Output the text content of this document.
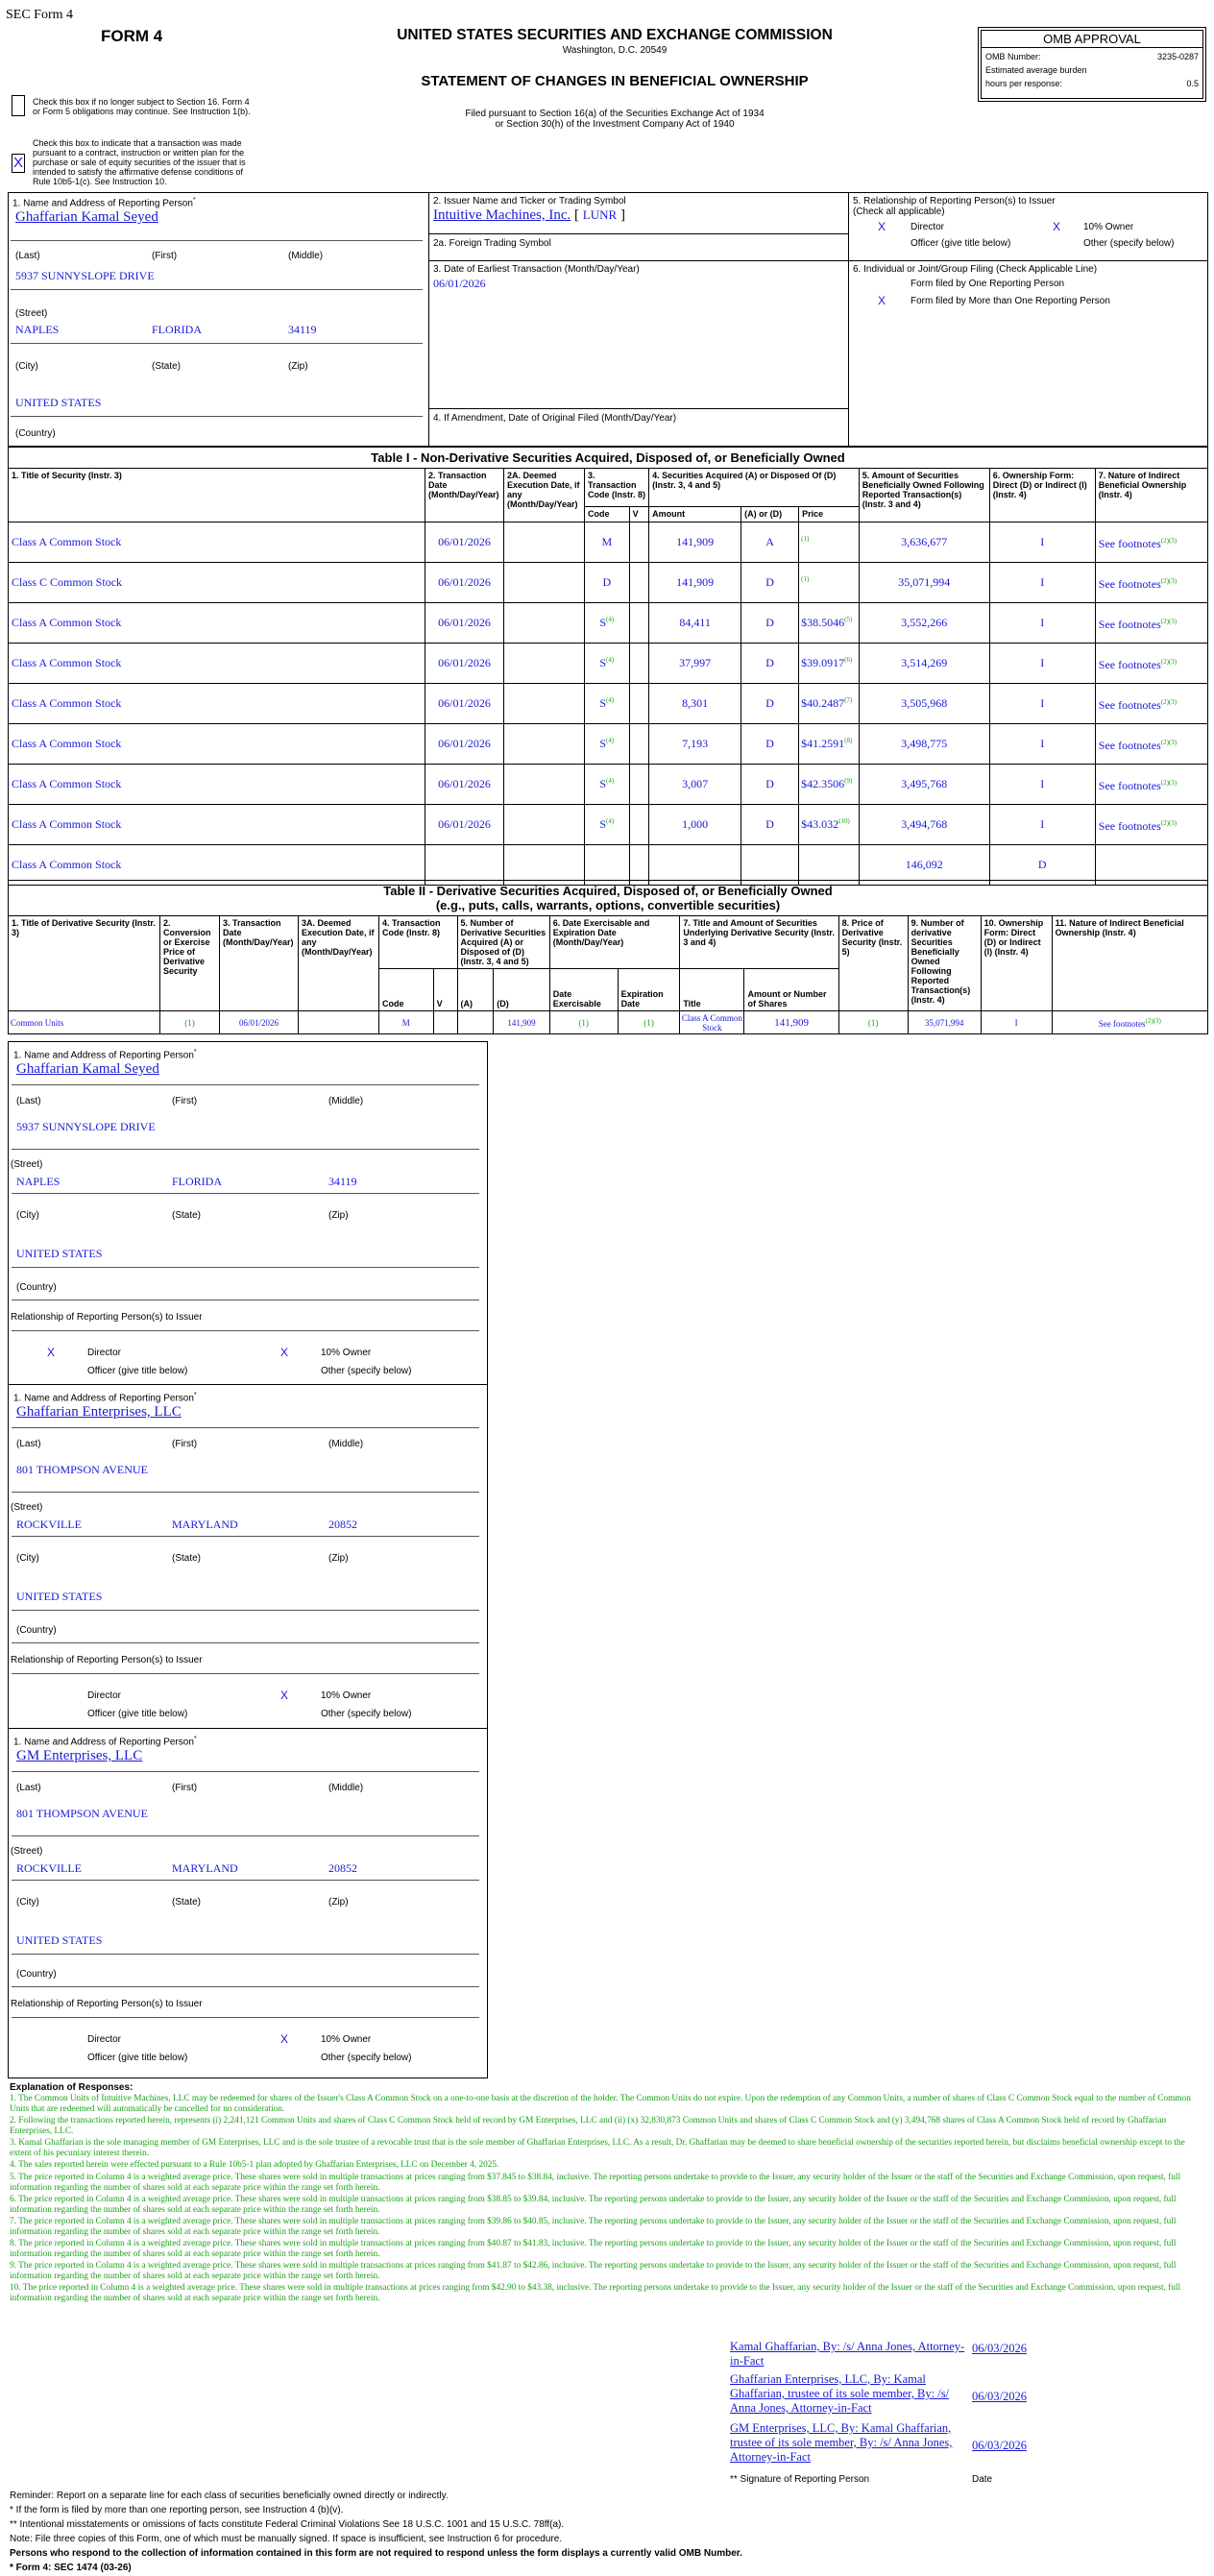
SEC Form 4
FORM 4	UNITED STATES SECURITIES AND EXCHANGE COMMISSION
Washington, D.C. 20549
STATEMENT OF CHANGES IN BENEFICIAL OWNERSHIP
Filed pursuant to Section 16(a) of the Securities Exchange Act of 1934
or Section 30(h) of the Investment Company Act of 1940
OMB APPROVAL
OMB Number:	3235-0287
Estimated average burden
hours per response:	0.5
Check this box if no longer subject to Section 16. Form 4 or Form 5 obligations may continue. See Instruction 1(b).
X
Check this box to indicate that a transaction was made pursuant to a contract, instruction or written plan for the purchase or sale of equity securities of the issuer that is intended to satisfy the affirmative defense conditions of Rule 10b5-1(c). See Instruction 10.
1. Name and Address of Reporting Person*
Ghaffarian Kamal Seyed
(Last)	(First)	(Middle)
5937 SUNNYSLOPE DRIVE
(Street)
NAPLES	FLORIDA	34119
(City)	(State)	(Zip)
UNITED STATES
(Country)
2. Issuer Name and Ticker or Trading Symbol
Intuitive Machines, Inc. [ LUNR ]
2a. Foreign Trading Symbol
3. Date of Earliest Transaction (Month/Day/Year)
06/01/2026
4. If Amendment, Date of Original Filed (Month/Day/Year)
5. Relationship of Reporting Person(s) to Issuer
(Check all applicable)
X	Director	X 10% Owner
Officer (give title below)	Other (specify below)
6. Individual or Joint/Group Filing (Check Applicable Line)
Form filed by One Reporting Person
X	Form filed by More than One Reporting Person
Table I - Non-Derivative Securities Acquired, Disposed of, or Beneficially Owned										
1. Title of Security (Instr. 3)	2. Transaction Date (Month/Day/Year)	2A. Deemed Execution Date, if any (Month/Day/Year)	3. Transaction Code (Instr. 8)		4. Securities Acquired (A) or Disposed Of (D) (Instr. 3, 4 and 5)			5. Amount of Securities Beneficially Owned Following Reported Transaction(s) (Instr. 3 and 4)	6. Ownership Form: Direct (D) or Indirect (I) (Instr. 4)	7. Nature of Indirect Beneficial Ownership (Instr. 4)
			Code	V	Amount	(A) or (D)	Price			
Class A Common Stock	06/01/2026		M		141,909	A	$^{(1)}$	3,636,677	I	See footnotes$^{(2)(3)}$
Class C Common Stock	06/01/2026		D		141,909	D	$^{(1)}$	35,071,994	I	See footnotes$^{(2)(3)}$
Class A Common Stock	06/01/2026		$S^{(4)}$		84,411	D	$38.5046$^{(5)}$	3,552,266	I	See footnotes$^{(2)(3)}$
Class A Common Stock	06/01/2026		$S^{(4)}$		37,997	D	$39.0917$^{(6)}$	3,514,269	I	See footnotes$^{(2)(3)}$
Class A Common Stock	06/01/2026		$S^{(4)}$		8,301	D	$40.2487$^{(7)}$	3,505,968	I	See footnotes$^{(2)(3)}$
Class A Common Stock	06/01/2026		$S^{(4)}$		7,193	D	$41.2591$^{(8)}$	3,498,775	I	See footnotes$^{(2)(3)}$
Class A Common Stock	06/01/2026		$S^{(4)}$		3,007	D	$42.3506$^{(9)}$	3,495,768	I	See footnotes$^{(2)(3)}$
Class A Common Stock	06/01/2026		$S^{(4)}$		1,000	D	$43.032$^{(10)}$	3,494,768	I	See footnotes$^{(2)(3)}$
Class A Common Stock								146,092	D	
Table II - Derivative Securities Acquired, Disposed of, or Beneficially Owned
(e.g., puts, calls, warrants, options, convertible securities)															

1. Title of Derivative Security (Instr. 3)	2. Conversion or Exercise Price of Derivative Security	3. Transaction Date (Month/Day/Year)	3A. Deemed Execution Date, if any (Month/Day/Year)	4. Transaction Code (Instr. 8)		5. Number of Derivative Securities Acquired (A) or Disposed of (D) (Instr. 3, 4 and 5)		6. Date Exercisable and Expiration Date (Month/Day/Year)		7. Title and Amount of Securities Underlying Derivative Security (Instr. 3 and 4)		8. Price of Derivative Security (Instr. 5)	9. Number of derivative Securities Beneficially Owned Following Reported Transaction(s) (Instr. 4)	10. Ownership Form: Direct (D) or Indirect (I) (Instr. 4)	11. Nature of Indirect Beneficial Ownership (Instr. 4)
				Code	V	(A)	(D)	Date Exercisable	Expiration Date	Title	Amount or Number of Shares				
Common Units	(1)	06/01/2026		M			141,909	(1)	(1)	Class A Common Stock	141,909	(1)	35,071,994	I	See footnotes$^{(2)(3)}$
1. Name and Address of Reporting Person*
Ghaffarian Kamal Seyed
(Last)	(First)	(Middle)
5937 SUNNYSLOPE DRIVE
(Street)
NAPLES	FLORIDA	34119
(City)	(State)	(Zip)
UNITED STATES
(Country)
Relationship of Reporting Person(s) to Issuer
X	Director	X	10% Owner
Officer (give title below)	Other (specify below)
1. Name and Address of Reporting Person*
Ghaffarian Enterprises, LLC
(Last)	(First)	(Middle)
801 THOMPSON AVENUE
(Street)
ROCKVILLE	MARYLAND	20852
(City)	(State)	(Zip)
UNITED STATES
(Country)
Relationship of Reporting Person(s) to Issuer
Director	X	10% Owner
Officer (give title below)	Other (specify below)
1. Name and Address of Reporting Person*
GM Enterprises, LLC
(Last)	(First)	(Middle)
801 THOMPSON AVENUE
(Street)
ROCKVILLE	MARYLAND	20852
(City)	(State)	(Zip)
UNITED STATES
(Country)
Relationship of Reporting Person(s) to Issuer
Director	X	10% Owner
Officer (give title below)	Other (specify below)
Explanation of Responses:
1. The Common Units of Intuitive Machines, LLC may be redeemed for shares of the Issuer's Class A Common Stock on a one-to-one basis at the discretion of the holder. The Common Units do not expire. Upon the redemption of any Common Units, a number of shares of Class C Common Stock equal to the number of Common Units that are redeemed will automatically be cancelled for no consideration.
2. Following the transactions reported herein, represents (i) 2,241,121 Common Units and shares of Class C Common Stock held of record by GM Enterprises, LLC and (ii) (x) 32,830,873 Common Units and shares of Class C Common Stock and (y) 3,494,768 shares of Class A Common Stock held of record by Ghaffarian Enterprises, LLC.
3. Kamal Ghaffarian is the sole managing member of GM Enterprises, LLC and is the sole trustee of a revocable trust that is the sole member of Ghaffarian Enterprises, LLC. As a result, Dr. Ghaffarian may be deemed to share beneficial ownership of the securities reported herein, but disclaims beneficial ownership except to the extent of his pecuniary interest therein.
4. The sales reported herein were effected pursuant to a Rule 10b5-1 plan adopted by Ghaffarian Enterprises, LLC on December 4, 2025.
5. The price reported in Column 4 is a weighted average price. These shares were sold in multiple transactions at prices ranging from $37.845 to $38.84, inclusive. The reporting persons undertake to provide to the Issuer, any security holder of the Issuer or the staff of the Securities and Exchange Commission, upon request, full information regarding the number of shares sold at each separate price within the range set forth herein.
6. The price reported in Column 4 is a weighted average price. These shares were sold in multiple transactions at prices ranging from $38.85 to $39.84, inclusive. The reporting persons undertake to provide to the Issuer, any security holder of the Issuer or the staff of the Securities and Exchange Commission, upon request, full information regarding the number of shares sold at each separate price within the range set forth herein.
7. The price reported in Column 4 is a weighted average price. These shares were sold in multiple transactions at prices ranging from $39.86 to $40.85, inclusive. The reporting persons undertake to provide to the Issuer, any security holder of the Issuer or the staff of the Securities and Exchange Commission, upon request, full information regarding the number of shares sold at each separate price within the range set forth herein.
8. The price reported in Column 4 is a weighted average price. These shares were sold in multiple transactions at prices ranging from $40.87 to $41.83, inclusive. The reporting persons undertake to provide to the Issuer, any security holder of the Issuer or the staff of the Securities and Exchange Commission, upon request, full information regarding the number of shares sold at each separate price within the range set forth herein.
9. The price reported in Column 4 is a weighted average price. These shares were sold in multiple transactions at prices ranging from $41.87 to $42.86, inclusive. The reporting persons undertake to provide to the Issuer, any security holder of the Issuer or the staff of the Securities and Exchange Commission, upon request, full information regarding the number of shares sold at each separate price within the range set forth herein.
10. The price reported in Column 4 is a weighted average price. These shares were sold in multiple transactions at prices ranging from $42.90 to $43.38, inclusive. The reporting persons undertake to provide to the Issuer, any security holder of the Issuer or the staff of the Securities and Exchange Commission, upon request, full information regarding the number of shares sold at each separate price within the range set forth herein.
Kamal Ghaffarian, By: /s/ Anna Jones, Attorney-in-Fact
06/03/2026
Ghaffarian Enterprises, LLC, By: Kamal Ghaffarian, trustee of its sole member, By: /s/ Anna Jones, Attorney-in-Fact
06/03/2026
GM Enterprises, LLC, By: Kamal Ghaffarian, trustee of its sole member, By: /s/ Anna Jones, Attorney-in-Fact
06/03/2026
** Signature of Reporting Person	Date
Reminder: Report on a separate line for each class of securities beneficially owned directly or indirectly.
* If the form is filed by more than one reporting person, see Instruction 4 (b)(v).
** Intentional misstatements or omissions of facts constitute Federal Criminal Violations See 18 U.S.C. 1001 and 15 U.S.C. 78ff(a).
Note: File three copies of this Form, one of which must be manually signed. If space is insufficient, see Instruction 6 for procedure.
Persons who respond to the collection of information contained in this form are not required to respond unless the form displays a currently valid OMB Number.
* Form 4: SEC 1474 (03-26)
